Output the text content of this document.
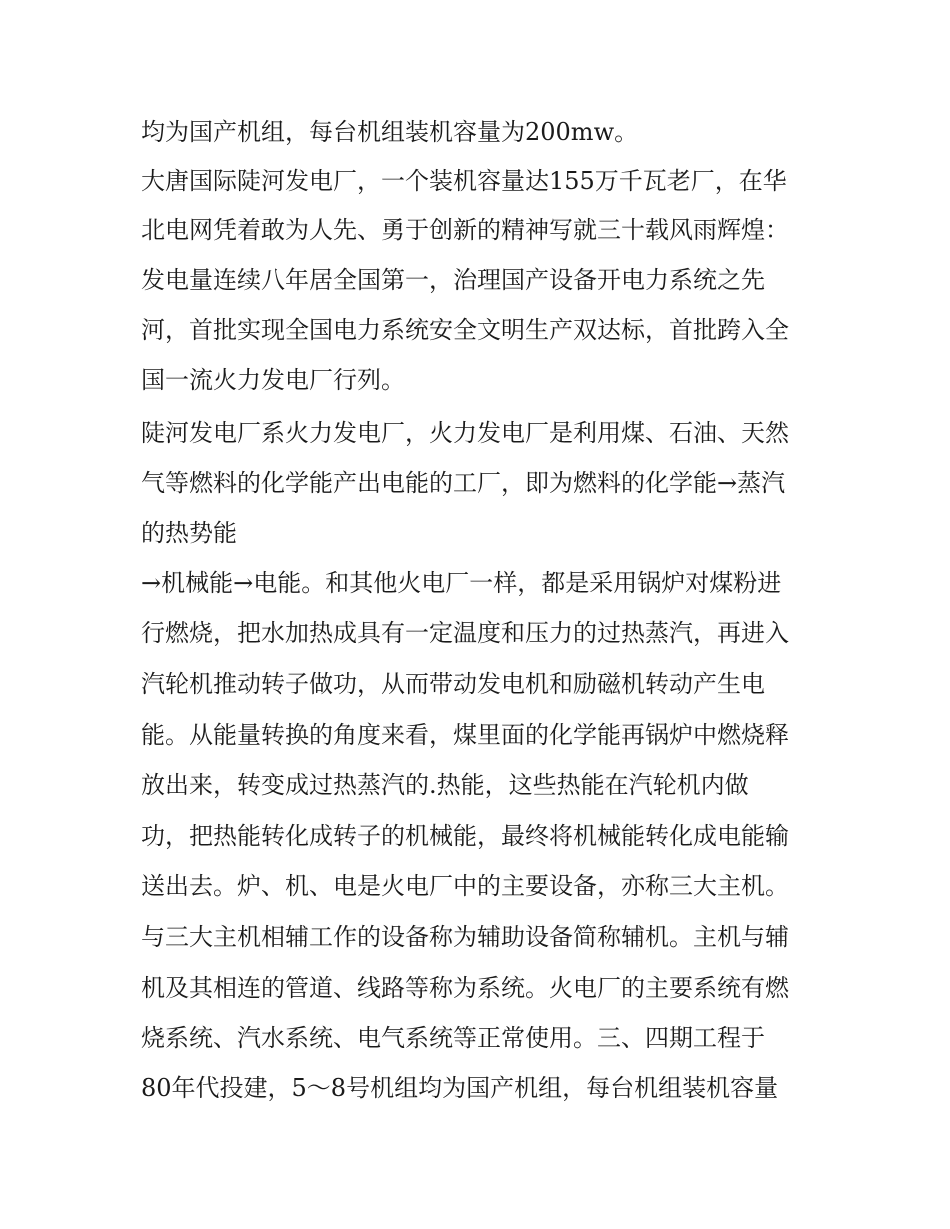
均为国产机组，每台机组装机容量为200mw。
大唐国际陡河发电厂，一个装机容量达155万千瓦老厂，在华
北电网凭着敢为人先、勇于创新的精神写就三十载风雨辉煌：
发电量连续八年居全国第一，治理国产设备开电力系统之先
河，首批实现全国电力系统安全文明生产双达标，首批跨入全
国一流火力发电厂行列。
陡河发电厂系火力发电厂，火力发电厂是利用煤、石油、天然
气等燃料的化学能产出电能的工厂，即为燃料的化学能→蒸汽
的热势能
→机械能→电能。和其他火电厂一样，都是采用锅炉对煤粉进
行燃烧，把水加热成具有一定温度和压力的过热蒸汽，再进入
汽轮机推动转子做功，从而带动发电机和励磁机转动产生电
能。从能量转换的角度来看，煤里面的化学能再锅炉中燃烧释
放出来，转变成过热蒸汽的.热能，这些热能在汽轮机内做
功，把热能转化成转子的机械能，最终将机械能转化成电能输
送出去。炉、机、电是火电厂中的主要设备，亦称三大主机。
与三大主机相辅工作的设备称为辅助设备简称辅机。主机与辅
机及其相连的管道、线路等称为系统。火电厂的主要系统有燃
烧系统、汽水系统、电气系统等正常使用。三、四期工程于
80年代投建，5～8号机组均为国产机组，每台机组装机容量
